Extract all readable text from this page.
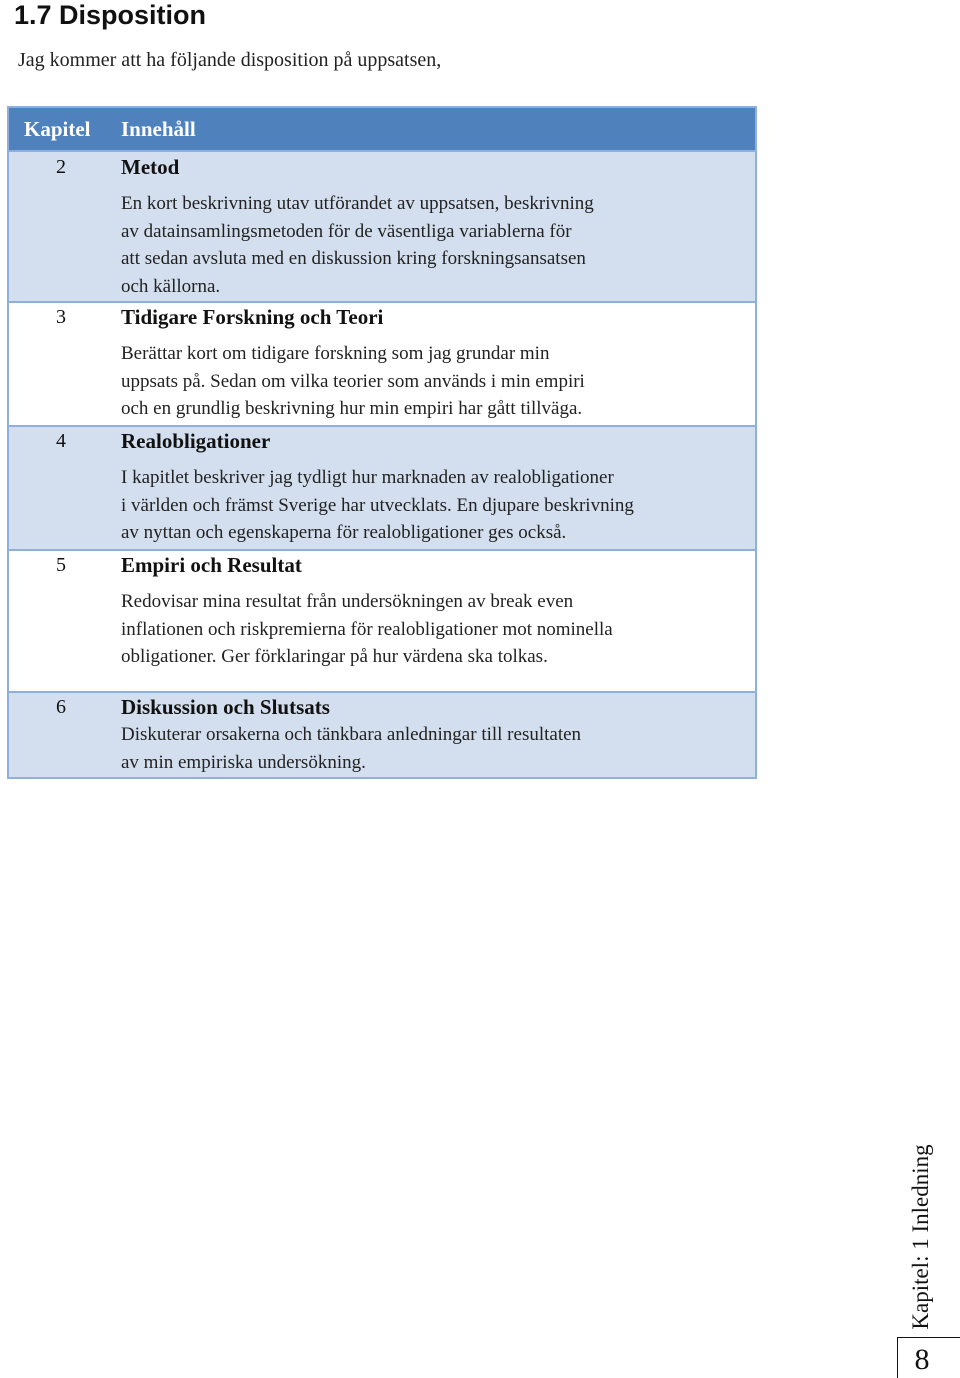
1.7 Disposition

Jag kommer att ha följande disposition på uppsatsen,

Kapitel	Innehåll
2	Metod

En kort beskrivning utav utförandet av uppsatsen, beskrivning
av datainsamlingsmetoden för de väsentliga variablerna för
att sedan avsluta med en diskussion kring forskningsansatsen
och källorna.

3	Tidigare Forskning och Teori

Berättar kort om tidigare forskning som jag grundar min
uppsats på. Sedan om vilka teorier som används i min empiri
och en grundlig beskrivning hur min empiri har gått tillväga.

4	Realobligationer

I kapitlet beskriver jag tydligt hur marknaden av realobligationer
i världen och främst Sverige har utvecklats. En djupare beskrivning
av nyttan och egenskaperna för realobligationer ges också.

5	Empiri och Resultat

Redovisar mina resultat från undersökningen av break even
inflationen och riskpremierna för realobligationer mot nominella
obligationer. Ger förklaringar på hur värdena ska tolkas.

6	Diskussion och Slutsats

Diskuterar orsakerna och tänkbara anledningar till resultaten
av min empiriska undersökning.

Kapitel: 1 Inledning
8
